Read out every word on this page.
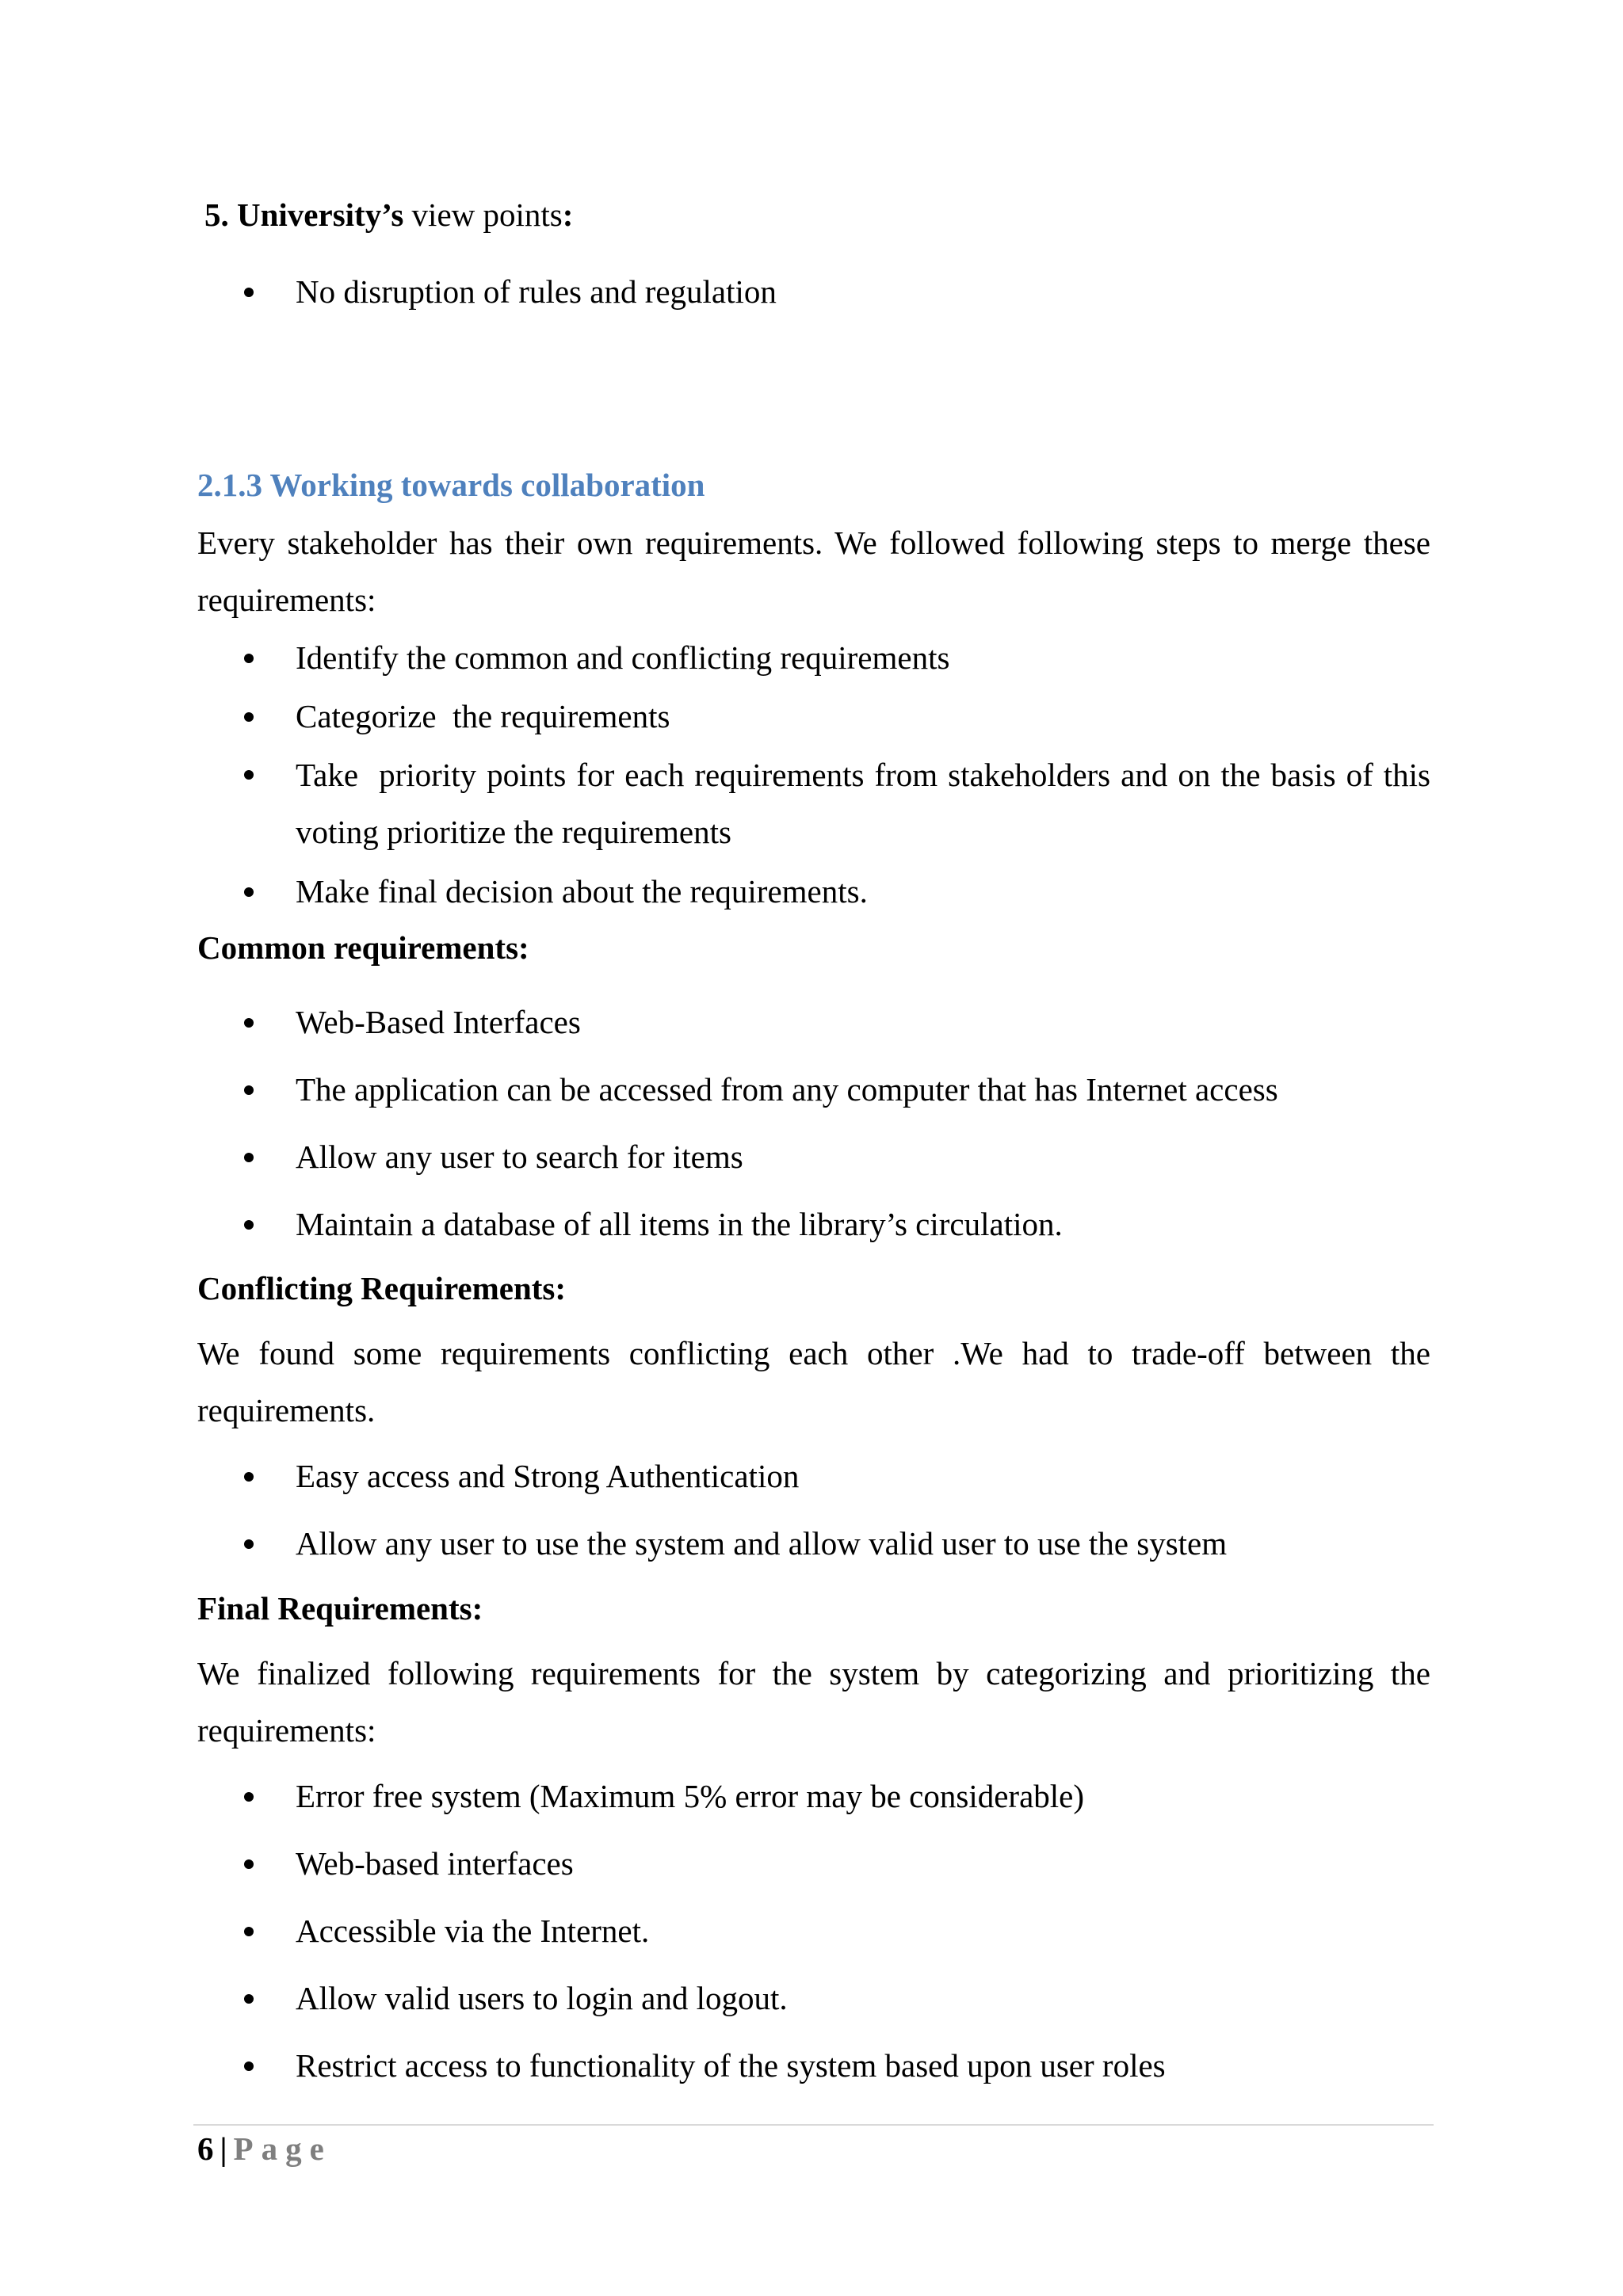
5. University’s view points:
No disruption of rules and regulation
2.1.3 Working towards collaboration

Every stakeholder has their own requirements. We followed following steps to merge these requirements:

Identify the common and conflicting requirements
Categorize  the requirements
Take  priority points for each requirements from stakeholders and on the basis of this voting prioritize the requirements
Make final decision about the requirements.
Common requirements:
Web-Based Interfaces
The application can be accessed from any computer that has Internet access
Allow any user to search for items
Maintain a database of all items in the library’s circulation.
Conflicting Requirements:

We found some requirements conflicting each other .We had to trade-off between the requirements.

Easy access and Strong Authentication
Allow any user to use the system and allow valid user to use the system
Final Requirements:

We finalized following requirements for the system by categorizing and prioritizing the requirements:

Error free system (Maximum 5% error may be considerable)
Web-based interfaces
Accessible via the Internet.
Allow valid users to login and logout.
Restrict access to functionality of the system based upon user roles
6 | Page
